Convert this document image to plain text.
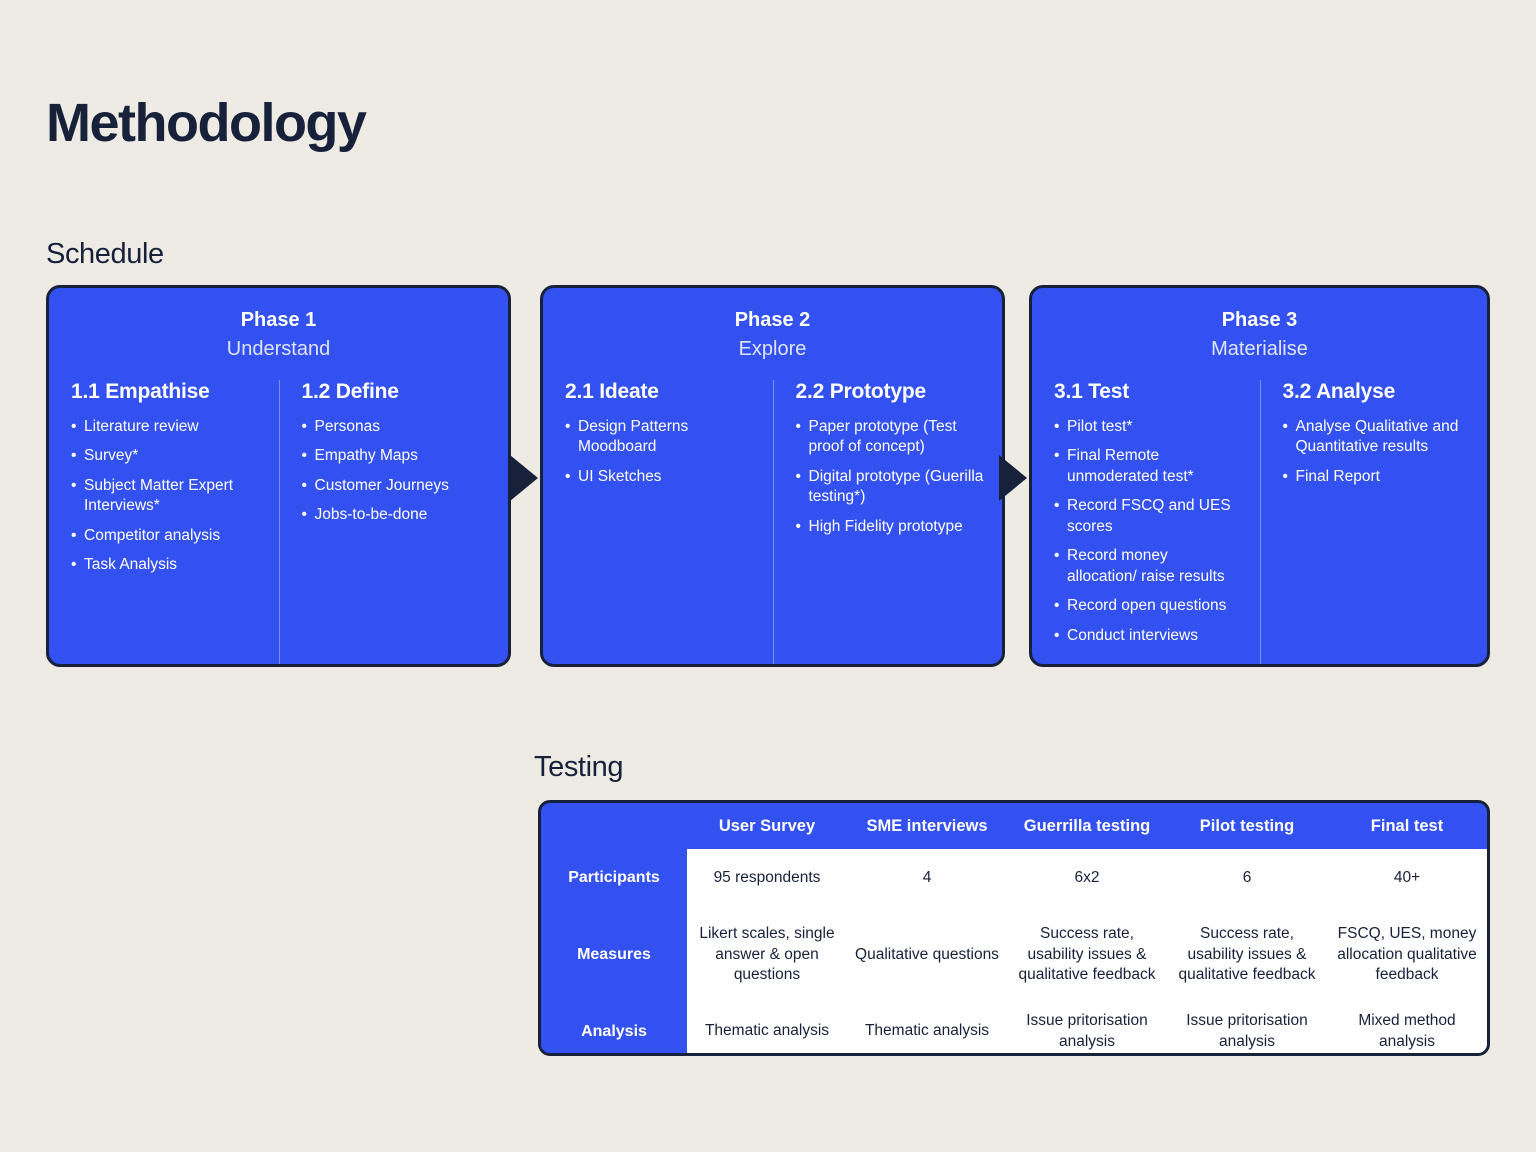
Methodology
Schedule
Phase 1
Understand
1.1 Empathise
• Literature review
• Survey*
• Subject Matter Expert Interviews*
• Competitor analysis
• Task Analysis
1.2 Define
• Personas
• Empathy Maps
• Customer Journeys
• Jobs-to-be-done
Phase 2
Explore
2.1 Ideate
• Design Patterns Moodboard
• UI Sketches
2.2 Prototype
• Paper prototype (Test proof of concept)
• Digital prototype (Guerilla testing*)
• High Fidelity prototype
Phase 3
Materialise
3.1 Test
• Pilot test*
• Final Remote unmoderated test*
• Record FSCQ and UES scores
• Record money allocation/ raise results
• Record open questions
• Conduct interviews
3.2 Analyse
• Analyse Qualitative and Quantitative results
• Final Report
Testing
	User Survey	SME interviews	Guerrilla testing	Pilot testing	Final test
Participants	95 respondents	4	6x2	6	40+
Measures	Likert scales, single answer & open questions	Qualitative questions	Success rate, usability issues & qualitative feedback	Success rate, usability issues & qualitative feedback	FSCQ, UES, money allocation qualitative feedback
Analysis	Thematic analysis	Thematic analysis	Issue pritorisation analysis	Issue pritorisation analysis	Mixed method analysis
